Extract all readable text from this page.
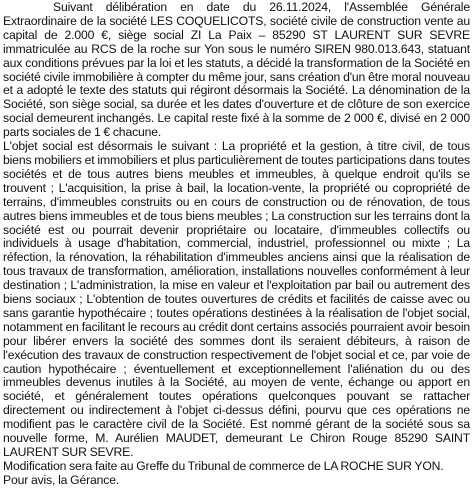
Suivant délibération en date du 26.11.2024, l'Assemblée Générale Extraordinaire de la société LES COQUELICOTS, société civile de construction vente au capital de 2.000 €, siège social ZI La Paix – 85290 ST LAURENT SUR SEVRE immatriculée au RCS de la roche sur Yon sous le numéro SIREN 980.013.643, statuant aux conditions prévues par la loi et les statuts, a décidé la transformation de la Société en société civile immobilière à compter du même jour, sans création d'un être moral nouveau et a adopté le texte des statuts qui régiront désormais la Société. La dénomination de la Société, son siège social, sa durée et les dates d'ouverture et de clôture de son exercice social demeurent inchangés. Le capital reste fixé à la somme de 2 000 €, divisé en 2 000 parts sociales de 1 € chacune.

L'objet social est désormais le suivant : La propriété et la gestion, à titre civil, de tous biens mobiliers et immobiliers et plus particulièrement de toutes participations dans toutes sociétés et de tous autres biens meubles et immeubles, à quelque endroit qu'ils se trouvent ; L'acquisition, la prise à bail, la location-vente, la propriété ou copropriété de terrains, d'immeubles construits ou en cours de construction ou de rénovation, de tous autres biens immeubles et de tous biens meubles ; La construction sur les terrains dont la société est ou pourrait devenir propriétaire ou locataire, d'immeubles collectifs ou individuels à usage d'habitation, commercial, industriel, professionnel ou mixte ; La réfection, la rénovation, la réhabilitation d'immeubles anciens ainsi que la réalisation de tous travaux de transformation, amélioration, installations nouvelles conformément à leur destination ; L'administration, la mise en valeur et l'exploitation par bail ou autrement des biens sociaux ; L'obtention de toutes ouvertures de crédits et facilités de caisse avec ou sans garantie hypothécaire ; toutes opérations destinées à la réalisation de l'objet social, notamment en facilitant le recours au crédit dont certains associés pourraient avoir besoin pour libérer envers la société des sommes dont ils seraient débiteurs, à raison de l'exécution des travaux de construction respectivement de l'objet social et ce, par voie de caution hypothécaire ; éventuellement et exceptionnellement l'aliénation du ou des immeubles devenus inutiles à la Société, au moyen de vente, échange ou apport en société, et généralement toutes opérations quelconques pouvant se rattacher directement ou indirectement à l'objet ci-dessus défini, pourvu que ces opérations ne modifient pas le caractère civil de la Société. Est nommé gérant de la société sous sa nouvelle forme, M. Aurélien MAUDET, demeurant Le Chiron Rouge 85290 SAINT LAURENT SUR SEVRE.

Modification sera faite au Greffe du Tribunal de commerce de LA ROCHE SUR YON. Pour avis, la Gérance.
